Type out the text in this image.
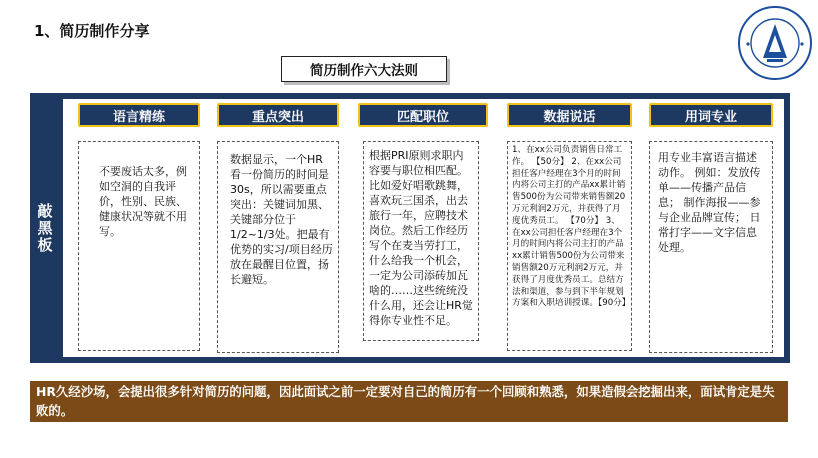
1、简历制作分享
简历制作六大法则
敲黑板
语言精练
不要废话太多，例如空洞的自我评价，性别、民族、健康状况等就不用写。
重点突出
数据显示，一个HR看一份简历的时间是30s，所以需要重点突出：关键词加黑、关键部分位于1/2~1/3处。把最有优势的实习/项目经历放在最醒目位置，扬长避短。
匹配职位
根据PRI原则求职内容要与职位相匹配。比如爱好唱歌跳舞，喜欢玩三国杀，出去旅行一年，应聘技术岗位。然后工作经历写个在麦当劳打工，什么给我一个机会，一定为公司添砖加瓦啥的……这些统统没什么用，还会让HR觉得你专业性不足。
数据说话
1、在xx公司负责销售日常工作。 【50分】 2、在xx公司担任客户经理在3个月的时间内将公司主打的产品xx累计销售500份为公司带来销售额20万元利润2万元，并获得了月度优秀员工。 【70分】 3、在xx公司担任客户经理在3个月的时间内将公司主打的产品xx累计销售500份为公司带来销售额20万元利润2万元，并获得了月度优秀员工。总结方法和渠道，参与到下半年规划方案和入职培训授课。【90分】
用词专业
用专业丰富语言描述动作。 例如：发放传单——传播产品信息； 制作海报——参与企业品牌宣传； 日常打字——文字信息处理。
HR久经沙场，会提出很多针对简历的问题，因此面试之前一定要对自己的简历有一个回顾和熟悉，如果造假会挖掘出来，面试肯定是失败的。
